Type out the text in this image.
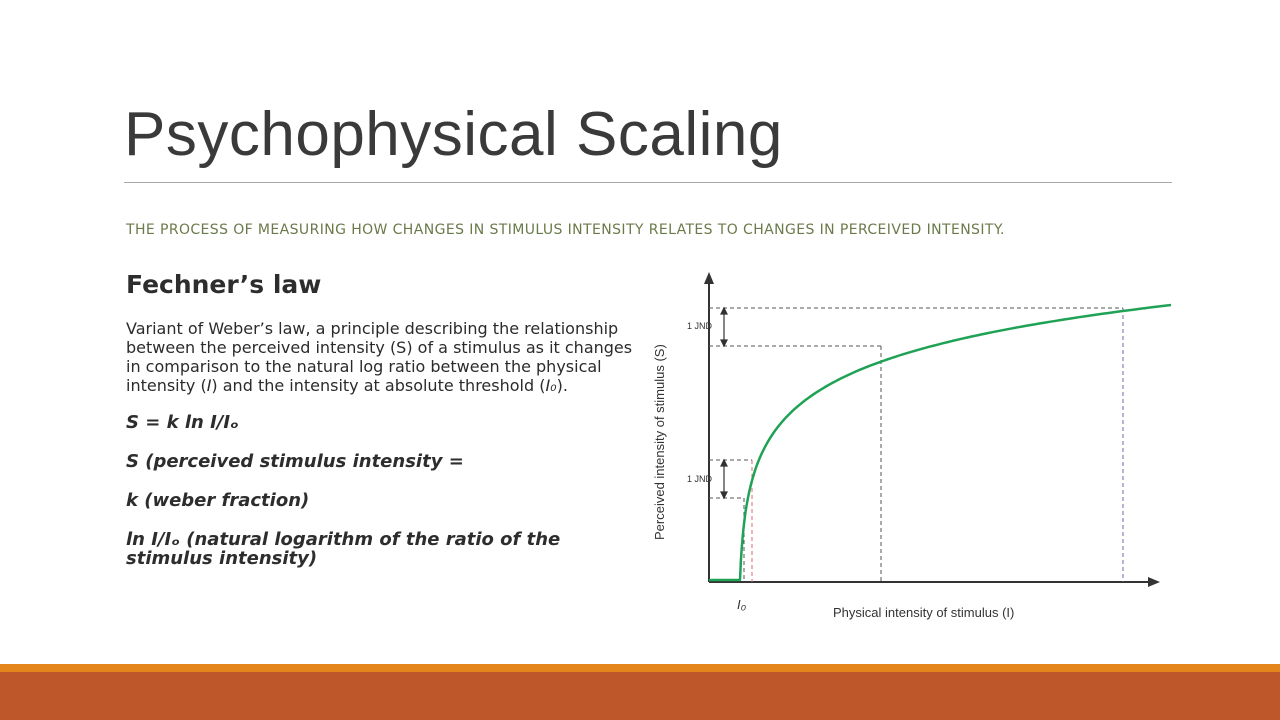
Psychophysical Scaling
THE PROCESS OF MEASURING HOW CHANGES IN STIMULUS INTENSITY RELATES TO CHANGES IN PERCEIVED INTENSITY.
Fechner’s law

Variant of Weber’s law, a principle describing the relationship between the perceived intensity (S) of a stimulus as it changes in comparison to the natural log ratio between the physical intensity (I) and the intensity at absolute threshold (I₀).

S = k ln I/Iₒ
S (perceived stimulus intensity =
k (weber fraction)
ln I/Iₒ (natural logarithm of the ratio of the stimulus intensity)
1 JND
1 JND
I₀
Physical intensity of stimulus (I)
Perceived intensity of stimulus (S)
